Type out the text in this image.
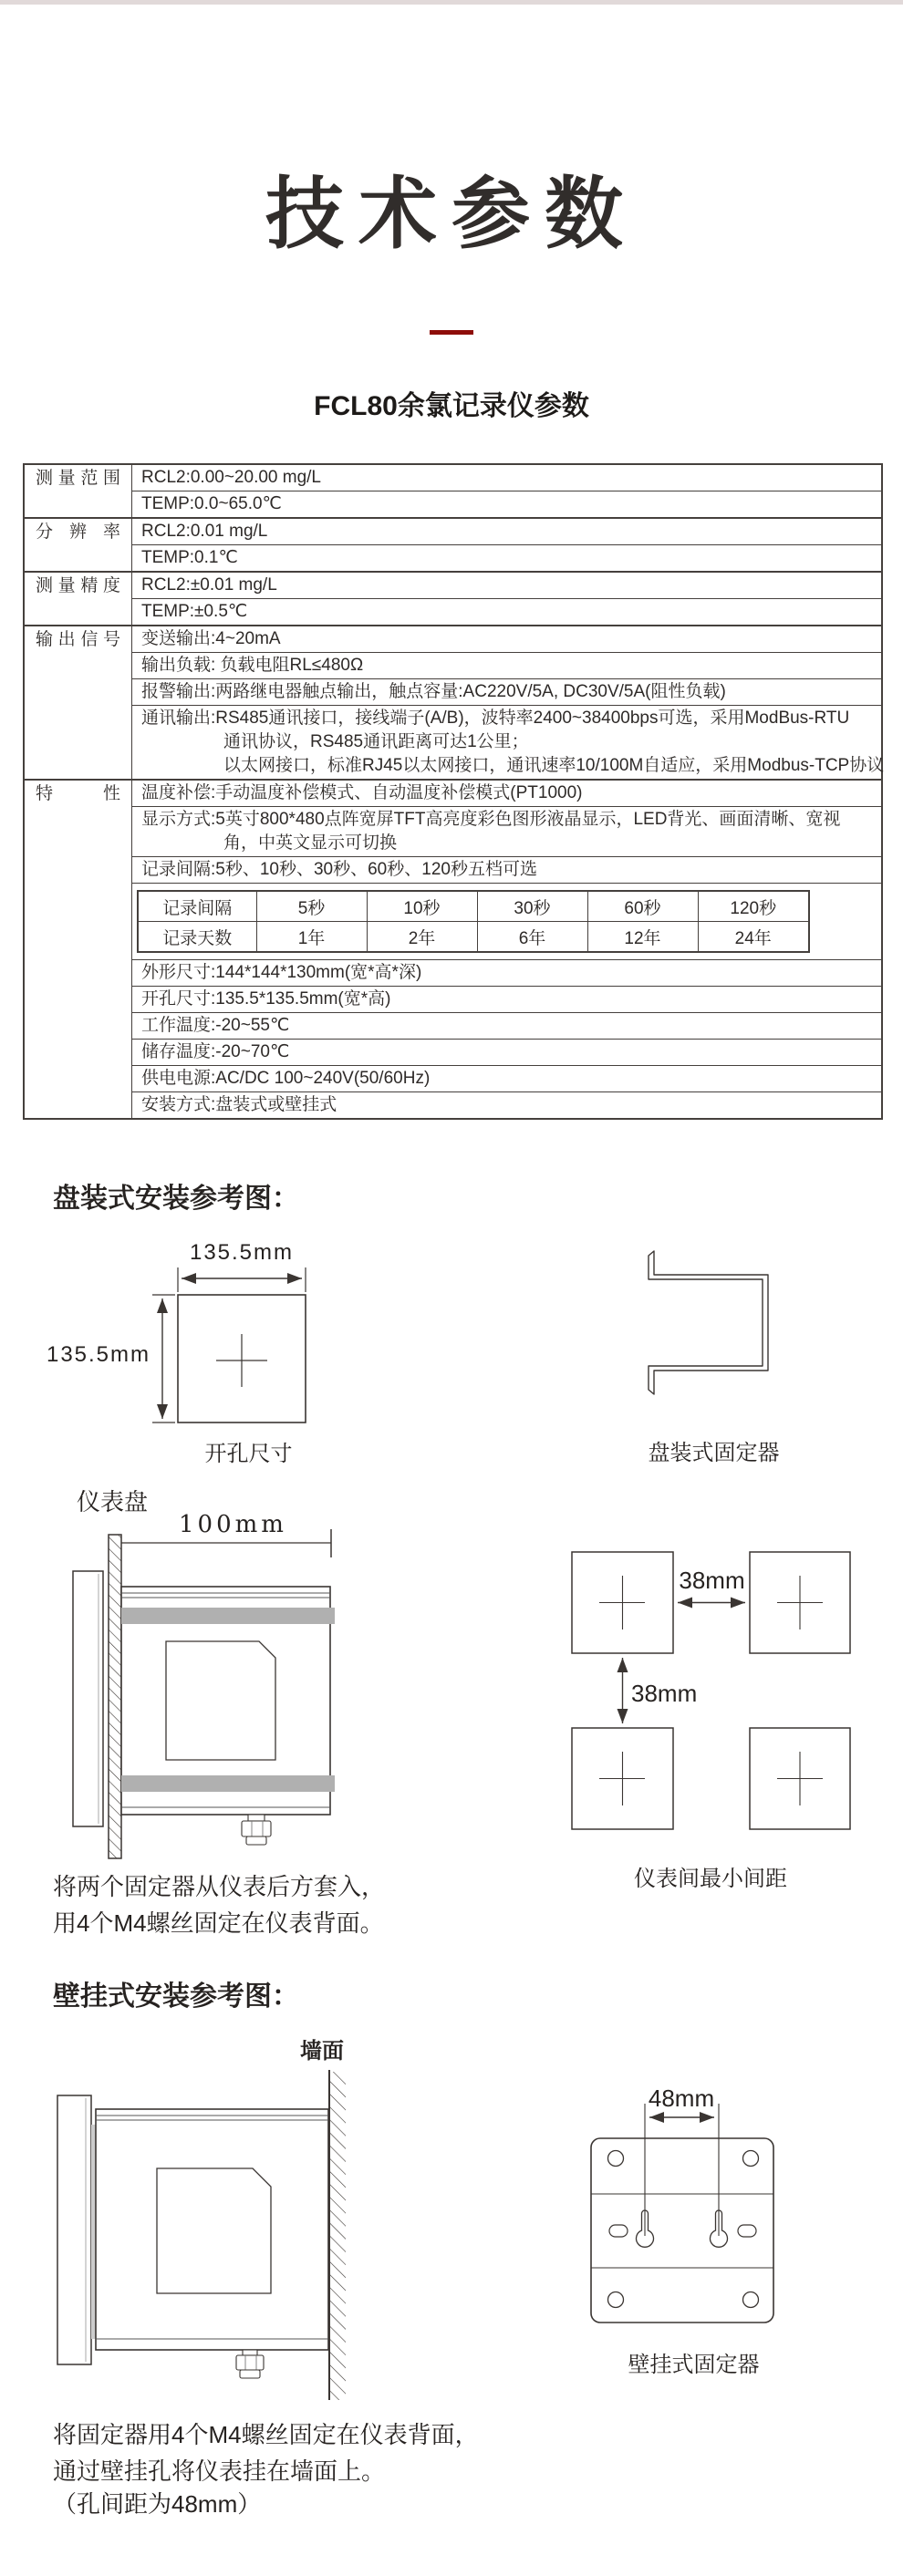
技术参数
FCL80余氯记录仪参数
测量范围	RCL2:0.00~20.00 mg/L
TEMP:0.0~65.0℃
分辨率	RCL2:0.01 mg/L
TEMP:0.1℃
测量精度	RCL2:±0.01 mg/L
TEMP:±0.5℃
输出信号	变送输出:4~20mA
输出负载: 负载电阻RL≤480Ω
报警输出:两路继电器触点输出，触点容量:AC220V/5A, DC30V/5A(阻性负载)
通讯输出:RS485通讯接口，接线端子(A/B)，波特率2400~38400bps可选，采用ModBus-RTU
通讯协议，RS485通讯距离可达1公里；
以太网接口，标准RJ45以太网接口，通讯速率10/100M自适应，采用Modbus-TCP协议
特性	温度补偿:手动温度补偿模式、自动温度补偿模式(PT1000)
显示方式:5英寸800*480点阵宽屏TFT高亮度彩色图形液晶显示，LED背光、画面清晰、宽视
角，中英文显示可切换
记录间隔:5秒、10秒、30秒、60秒、120秒五档可选
记录间隔	5秒	10秒	30秒	60秒	120秒
记录天数	1年	2年	6年	12年	24年
外形尺寸:144*144*130mm(宽*高*深)
开孔尺寸:135.5*135.5mm(宽*高)
工作温度:-20~55℃
储存温度:-20~70℃
供电电源:AC/DC 100~240V(50/60Hz)
安装方式:盘装式或壁挂式
盘装式安装参考图：
135.5mm
135.5mm
开孔尺寸	盘装式固定器
仪表盘
100mm
38mm
38mm
仪表间最小间距
将两个固定器从仪表后方套入，
用4个M4螺丝固定在仪表背面。
壁挂式安装参考图：
墙面
48mm
壁挂式固定器
将固定器用4个M4螺丝固定在仪表背面，
通过壁挂孔将仪表挂在墙面上。
（孔间距为48mm）
